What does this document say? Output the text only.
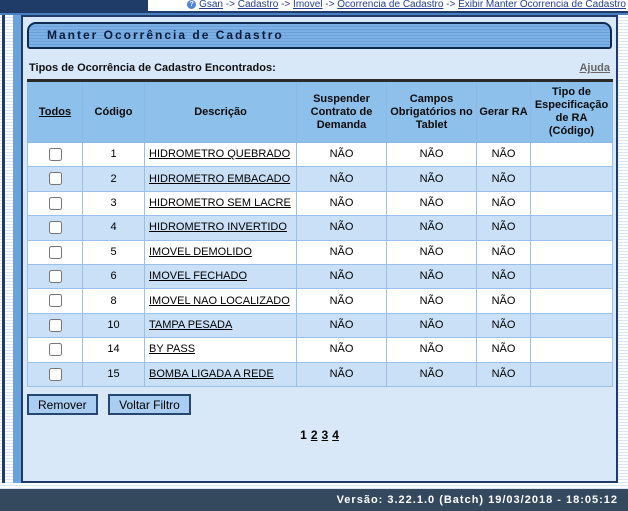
? Gsan -> Cadastro -> Imovel -> Ocorrencia de Cadastro -> Exibir Manter Ocorrencia de Cadastro
Manter Ocorrência de Cadastro
Tipos de Ocorrência de Cadastro Encontrados:	Ajuda
Todos	Código	Descrição	Suspender Contrato de Demanda	Campos Obrigatórios no Tablet	Gerar RA	Tipo de Especificação de RA (Código)
	1	HIDROMETRO QUEBRADO	NÃO	NÃO	NÃO	
	2	HIDROMETRO EMBACADO	NÃO	NÃO	NÃO	
	3	HIDROMETRO SEM LACRE	NÃO	NÃO	NÃO	
	4	HIDROMETRO INVERTIDO	NÃO	NÃO	NÃO	
	5	IMOVEL DEMOLIDO	NÃO	NÃO	NÃO	
	6	IMOVEL FECHADO	NÃO	NÃO	NÃO	
	8	IMOVEL NAO LOCALIZADO	NÃO	NÃO	NÃO	
	10	TAMPA PESADA	NÃO	NÃO	NÃO	
	14	BY PASS	NÃO	NÃO	NÃO	
	15	BOMBA LIGADA A REDE	NÃO	NÃO	NÃO	
Remover	Voltar Filtro
1 2 3 4
Versão: 3.22.1.0 (Batch) 19/03/2018 - 18:05:12
